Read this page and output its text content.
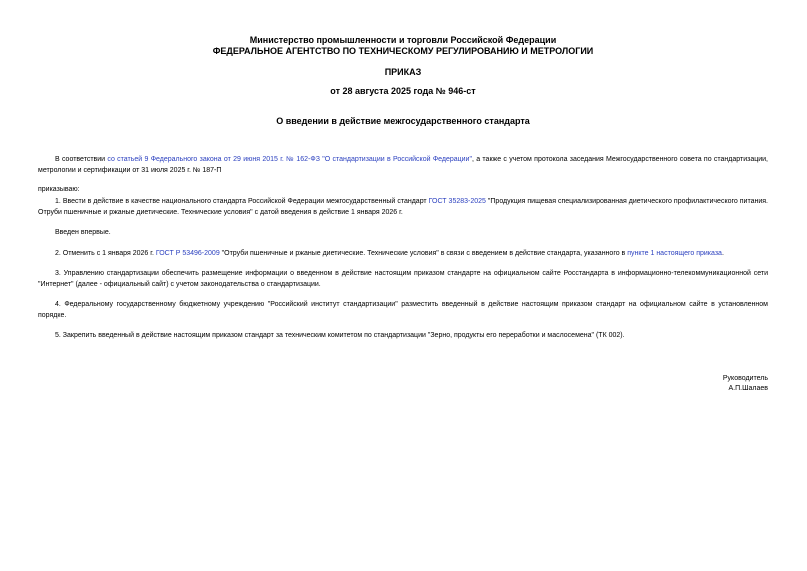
Министерство промышленности и торговли Российской Федерации
ФЕДЕРАЛЬНОЕ АГЕНТСТВО ПО ТЕХНИЧЕСКОМУ РЕГУЛИРОВАНИЮ И МЕТРОЛОГИИ
ПРИКАЗ
от 28 августа 2025 года № 946-ст
О введении в действие межгосударственного стандарта
В соответствии со статьей 9 Федерального закона от 29 июня 2015 г. № 162-ФЗ "О стандартизации в Российской Федерации", а также с учетом протокола заседания Межгосударственного совета по стандартизации, метрологии и сертификации от 31 июля 2025 г. № 187-П
приказываю:
1. Ввести в действие в качестве национального стандарта Российской Федерации межгосударственный стандарт ГОСТ 35283-2025 "Продукция пищевая специализированная диетического профилактического питания. Отруби пшеничные и ржаные диетические. Технические условия" с датой введения в действие 1 января 2026 г.
Введен впервые.
2. Отменить с 1 января 2026 г. ГОСТ Р 53496-2009 "Отруби пшеничные и ржаные диетические. Технические условия" в связи с введением в действие стандарта, указанного в пункте 1 настоящего приказа.
3. Управлению стандартизации обеспечить размещение информации о введенном в действие настоящим приказом стандарте на официальном сайте Росстандарта в информационно-телекоммуникационной сети "Интернет" (далее - официальный сайт) с учетом законодательства о стандартизации.
4. Федеральному государственному бюджетному учреждению "Российский институт стандартизации" разместить введенный в действие настоящим приказом стандарт на официальном сайте в установленном порядке.
5. Закрепить введенный в действие настоящим приказом стандарт за техническим комитетом по стандартизации "Зерно, продукты его переработки и маслосемена" (ТК 002).
Руководитель
А.П.Шалаев
